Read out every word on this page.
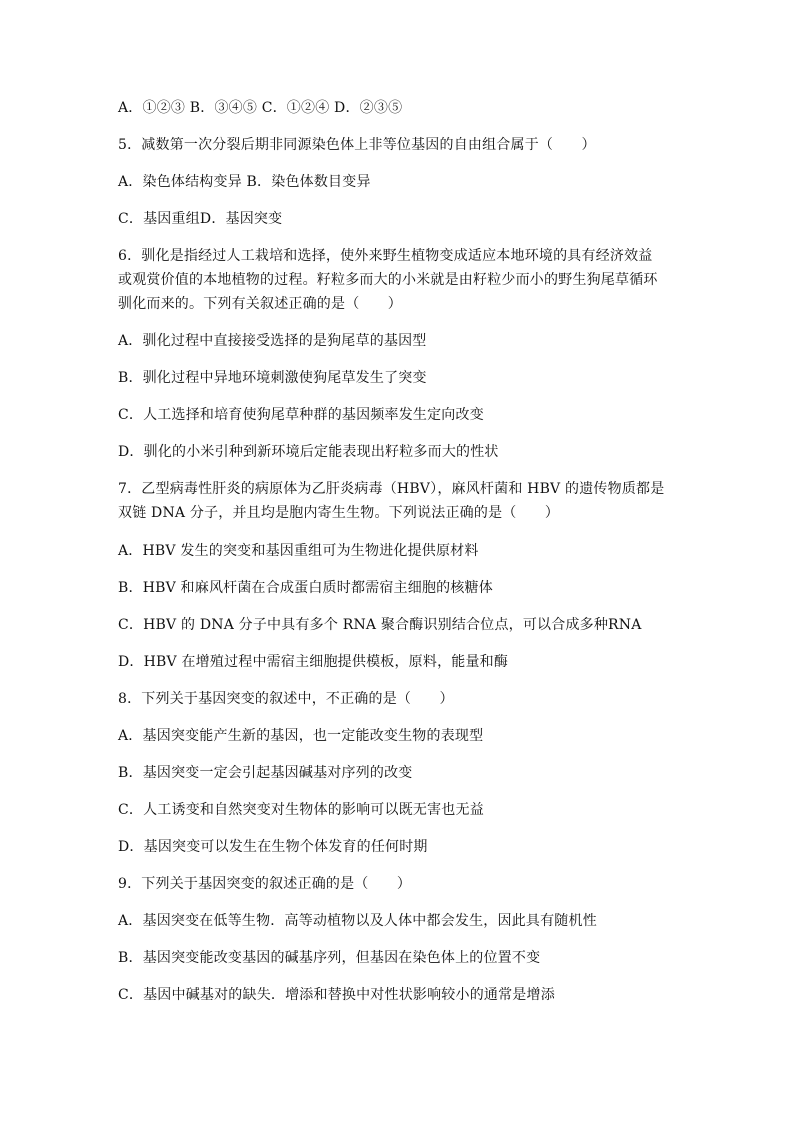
A．①②③ B．③④⑤ C．①②④ D．②③⑤
5．减数第一次分裂后期非同源染色体上非等位基因的自由组合属于（　　）
A．染色体结构变异 B．染色体数目变异
C．基因重组D．基因突变
6．驯化是指经过人工栽培和选择，使外来野生植物变成适应本地环境的具有经济效益
或观赏价值的本地植物的过程。籽粒多而大的小米就是由籽粒少而小的野生狗尾草循环
驯化而来的。下列有关叙述正确的是（　　）
A．驯化过程中直接接受选择的是狗尾草的基因型
B．驯化过程中异地环境刺激使狗尾草发生了突变
C．人工选择和培育使狗尾草种群的基因频率发生定向改变
D．驯化的小米引种到新环境后定能表现出籽粒多而大的性状
7．乙型病毒性肝炎的病原体为乙肝炎病毒（HBV），麻风杆菌和 HBV 的遗传物质都是
双链 DNA 分子，并且均是胞内寄生生物。下列说法正确的是（　　）
A．HBV 发生的突变和基因重组可为生物进化提供原材料
B．HBV 和麻风杆菌在合成蛋白质时都需宿主细胞的核糖体
C．HBV 的 DNA 分子中具有多个 RNA 聚合酶识别结合位点，可以合成多种RNA
D．HBV 在增殖过程中需宿主细胞提供模板，原料，能量和酶
8．下列关于基因突变的叙述中，不正确的是（　　）
A．基因突变能产生新的基因，也一定能改变生物的表现型
B．基因突变一定会引起基因碱基对序列的改变
C．人工诱变和自然突变对生物体的影响可以既无害也无益
D．基因突变可以发生在生物个体发育的任何时期
9．下列关于基因突变的叙述正确的是（　　）
A．基因突变在低等生物．高等动植物以及人体中都会发生，因此具有随机性
B．基因突变能改变基因的碱基序列，但基因在染色体上的位置不变
C．基因中碱基对的缺失．增添和替换中对性状影响较小的通常是增添
